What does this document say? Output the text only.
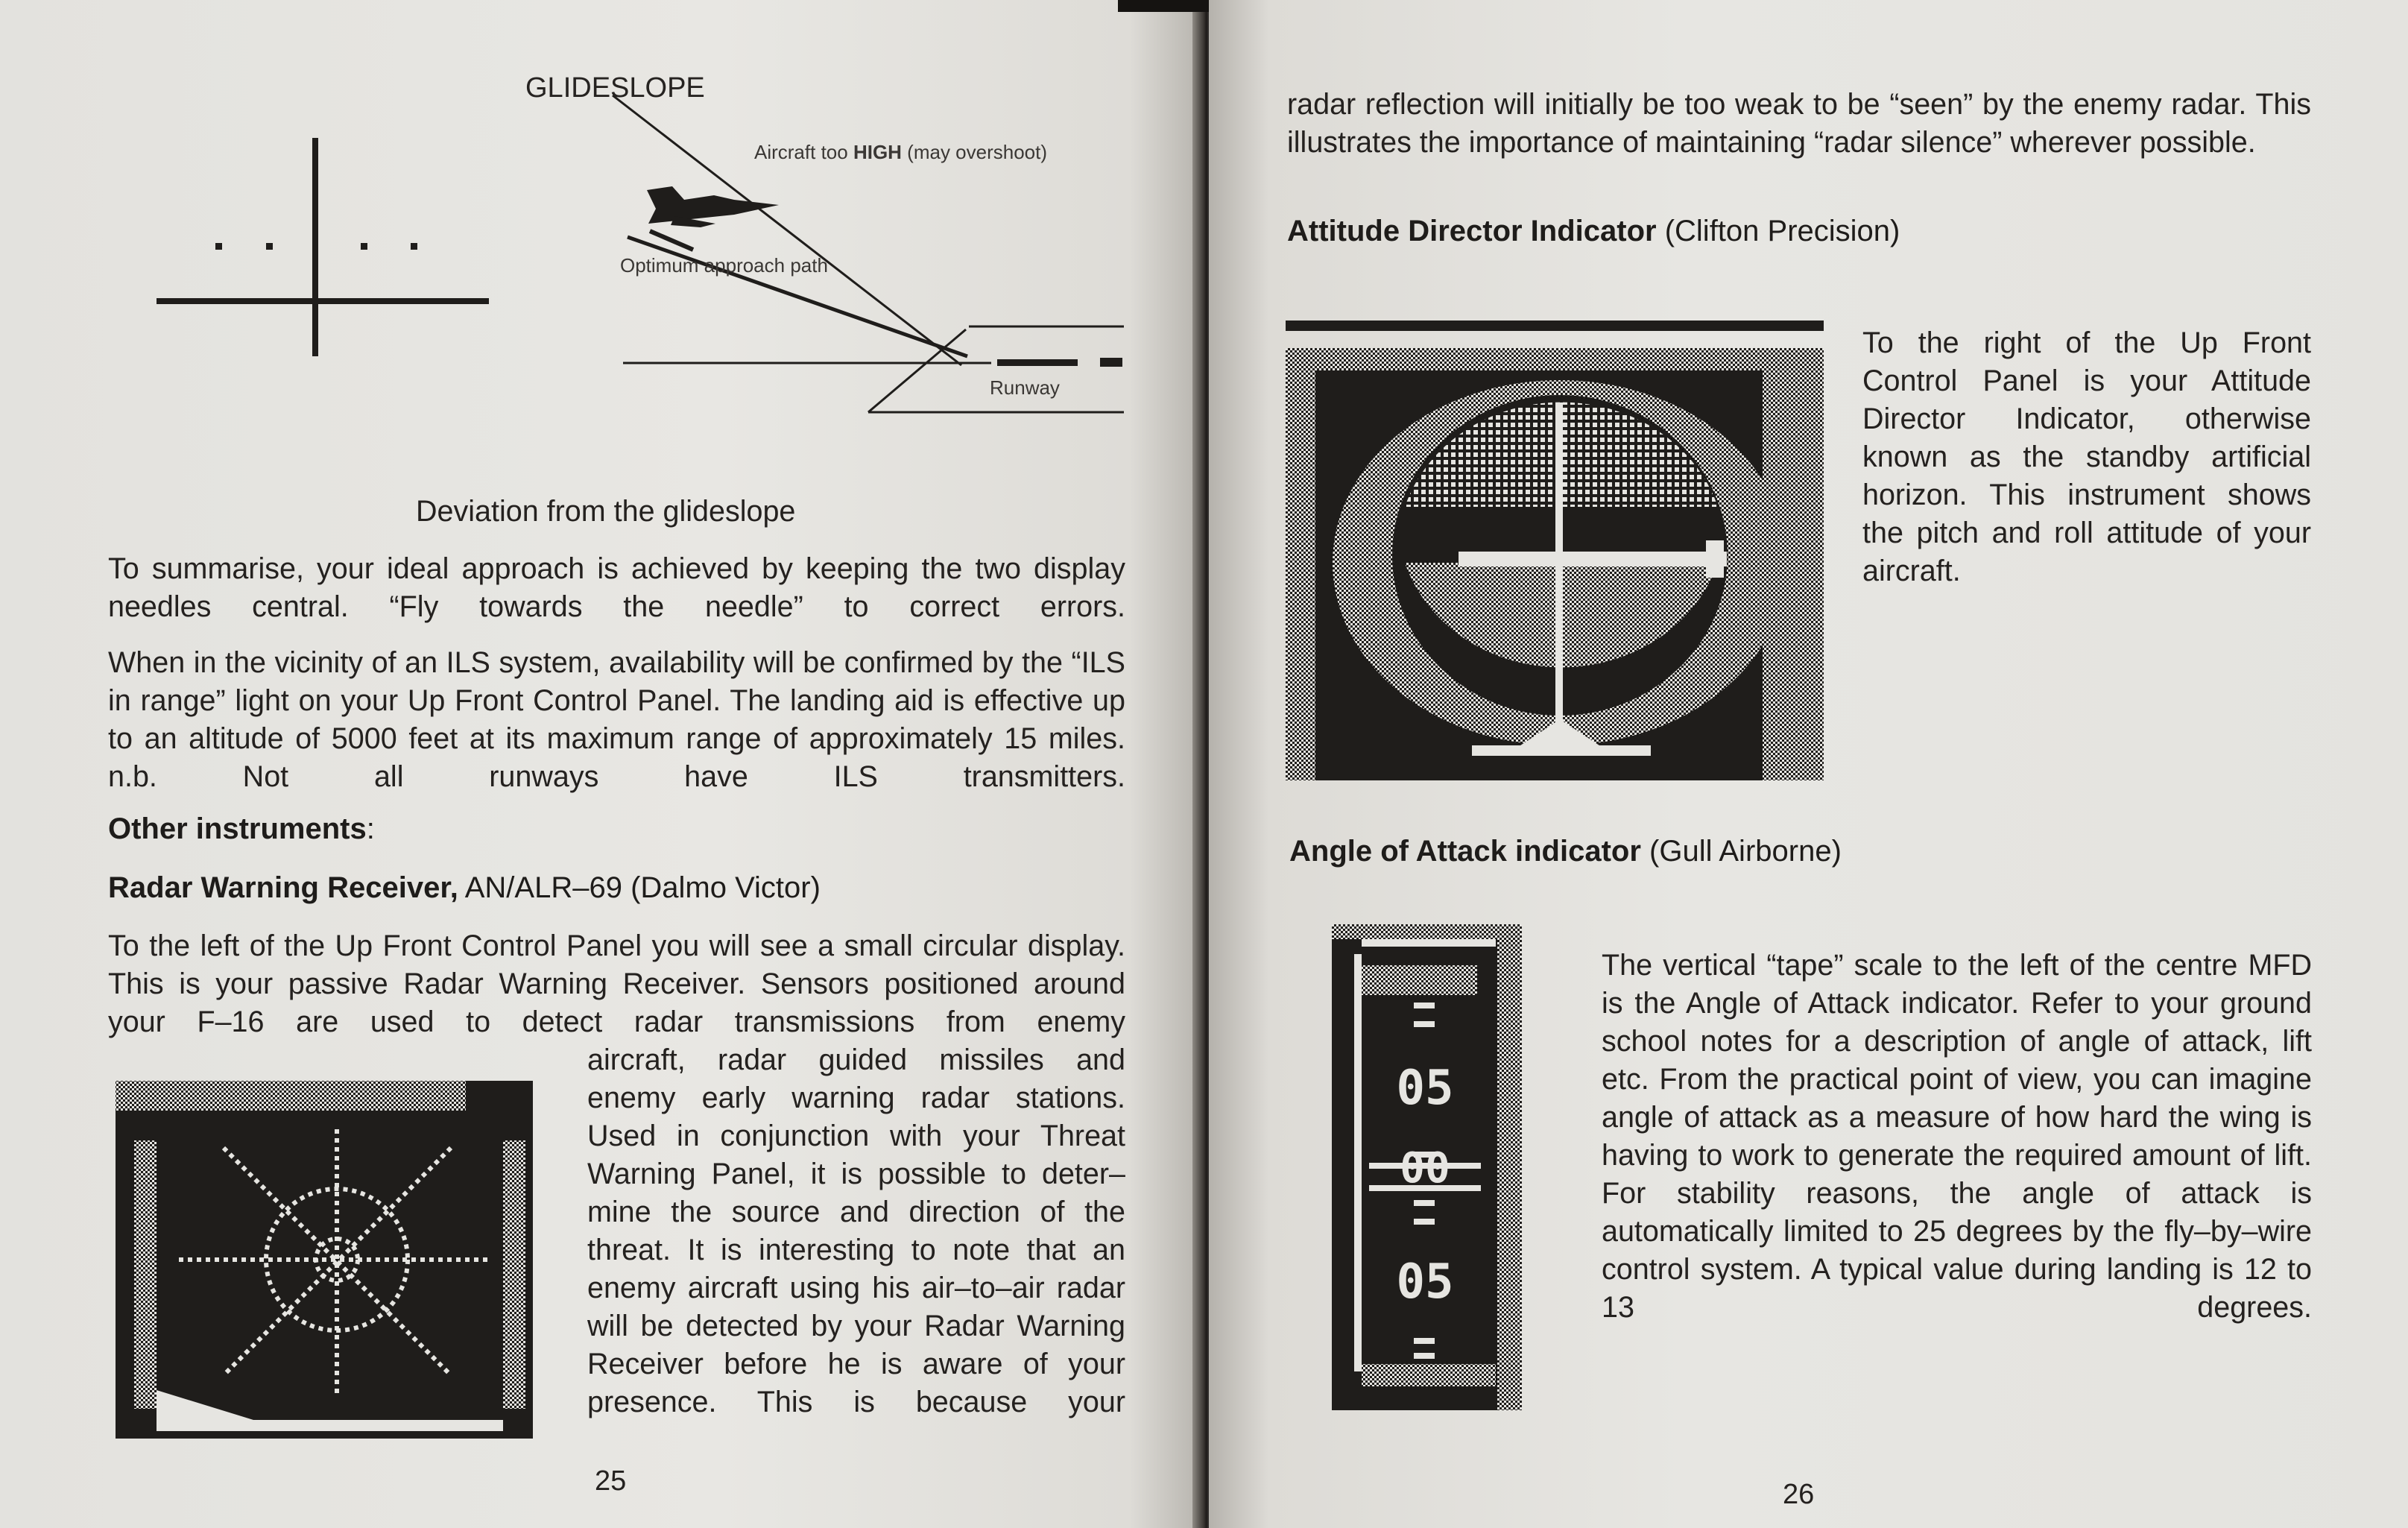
GLIDESLOPE
Aircraft too HIGH (may overshoot)
Optimum approach path
Runway
Deviation from the glideslope
To summarise, your ideal approach is achieved by keeping the two display needles central. “Fly towards the needle” to correct errors.
When in the vicinity of an ILS system, availability will be confirmed by the “ILS in range” light on your Up Front Control Panel. The landing aid is effective up to an altitude of 5000 feet at its maximum range of approximately 15 miles. n.b. Not all runways have ILS transmitters.
Other instruments:
Radar Warning Receiver, AN/ALR–69 (Dalmo Victor)
To the left of the Up Front Control Panel you will see a small circular display. This is your passive Radar Warning Receiver. Sensors positioned around your F–16 are used to detect radar transmissions from enemy
aircraft, radar guided missiles and enemy early warning radar stations. Used in conjunction with your Threat Warning Panel, it is possible to deter– mine the source and direction of the threat. It is interesting to note that an enemy aircraft using his air–to–air radar will be detected by your Radar Warning Receiver before he is aware of your presence. This is because your
25
radar reflection will initially be too weak to be “seen” by the enemy radar. This illustrates the importance of maintaining “radar silence” wherever possible.
Attitude Director Indicator (Clifton Precision)
To the right of the Up Front Control Panel is your Attitude Director Indicator, otherwise known as the standby artificial horizon. This instrument shows the pitch and roll attitude of your aircraft.
Angle of Attack indicator (Gull Airborne)
05
00
05
The vertical “tape” scale to the left of the centre MFD is the Angle of Attack indicator. Refer to your ground school notes for a description of angle of attack, lift etc. From the practical point of view, you can imagine angle of attack as a measure of how hard the wing is having to work to generate the required amount of lift. For stability reasons, the angle of attack is automatically limited to 25 degrees by the fly–by–wire control system. A typical value during landing is 12 to 13 degrees.
26
